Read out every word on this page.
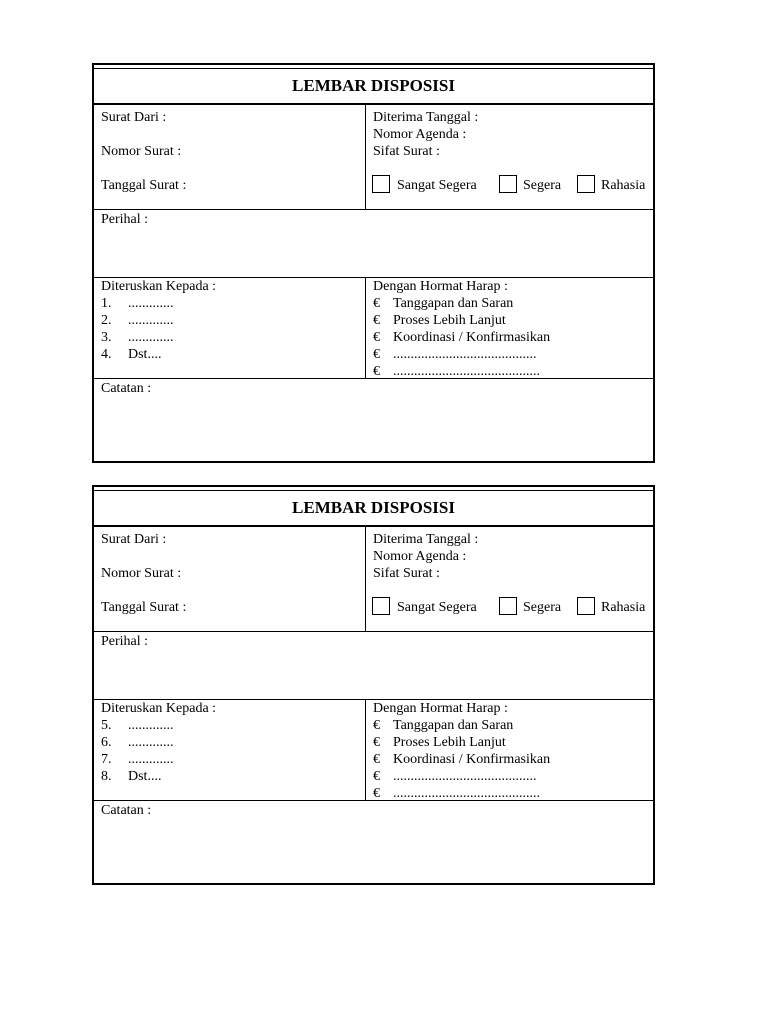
LEMBAR DISPOSISI
Surat Dari :
Nomor Surat :
Tanggal Surat :
Diterima Tanggal :
Nomor Agenda :
Sifat Surat :
Sangat Segera	Segera	Rahasia
Perihal :
Diteruskan Kepada :
1. .............
2. .............
3. .............
4. Dst....
Dengan Hormat Harap :
€ Tanggapan dan Saran
€ Proses Lebih Lanjut
€ Koordinasi / Konfirmasikan
€ .........................................
€ ..........................................
Catatan :
LEMBAR DISPOSISI
Surat Dari :
Nomor Surat :
Tanggal Surat :
Diterima Tanggal :
Nomor Agenda :
Sifat Surat :
Sangat Segera	Segera	Rahasia
Perihal :
Diteruskan Kepada :
5. .............
6. .............
7. .............
8. Dst....
Dengan Hormat Harap :
€ Tanggapan dan Saran
€ Proses Lebih Lanjut
€ Koordinasi / Konfirmasikan
€ .........................................
€ ..........................................
Catatan :
